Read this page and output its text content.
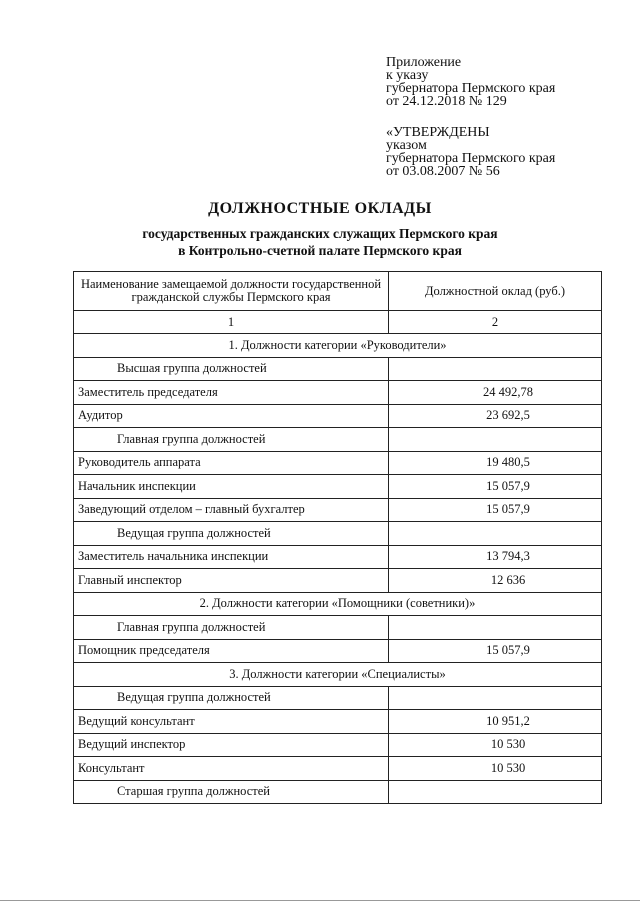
Приложение
к указу
губернатора Пермского края
от 24.12.2018 № 129
«УТВЕРЖДЕНЫ
указом
губернатора Пермского края
от 03.08.2007 № 56
ДОЛЖНОСТНЫЕ ОКЛАДЫ
государственных гражданских служащих Пермского края
в Контрольно-счетной палате Пермского края
Наименование замещаемой должности государственной гражданской службы Пермского края	Должностной оклад (руб.)
1	2
1. Должности категории «Руководители»	
Высшая группа должностей	
Заместитель председателя	24 492,78
Аудитор	23 692,5
Главная группа должностей	
Руководитель аппарата	19 480,5
Начальник инспекции	15 057,9
Заведующий отделом – главный бухгалтер	15 057,9
Ведущая группа должностей	
Заместитель начальника инспекции	13 794,3
Главный инспектор	12 636
2. Должности категории «Помощники (советники)»	
Главная группа должностей	
Помощник председателя	15 057,9
3. Должности категории «Специалисты»	
Ведущая группа должностей	
Ведущий консультант	10 951,2
Ведущий инспектор	10 530
Консультант	10 530
Старшая группа должностей	
